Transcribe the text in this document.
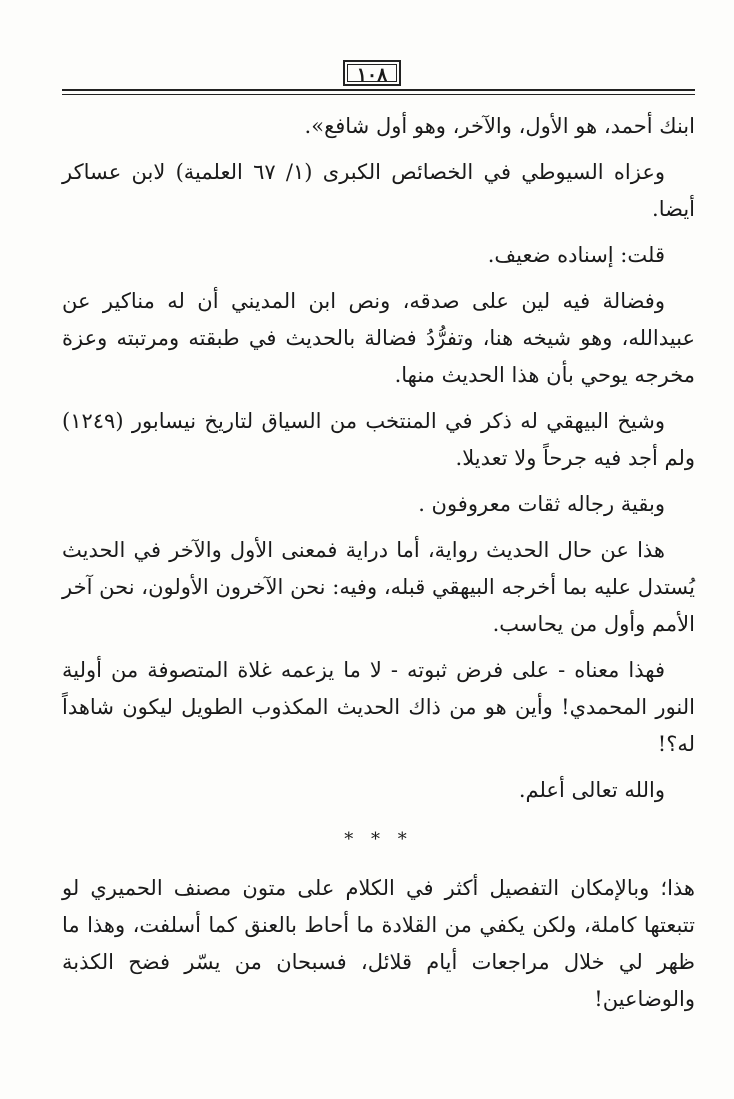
١٠٨

ابنك أحمد، هو الأول، والآخر، وهو أول شافع».

وعزاه السيوطي في الخصائص الكبرى (١/ ٦٧ العلمية) لابن عساكر أيضا.

قلت: إسناده ضعيف.

وفضالة فيه لين على صدقه، ونص ابن المديني أن له مناكير عن عبيدالله، وهو شيخه هنا، وتفرُّدُ فضالة بالحديث في طبقته ومرتبته وعزة مخرجه يوحي بأن هذا الحديث منها.

وشيخ البيهقي له ذكر في المنتخب من السياق لتاريخ نيسابور (١٢٤٩) ولم أجد فيه جرحاً ولا تعديلا.

وبقية رجاله ثقات معروفون .

هذا عن حال الحديث رواية، أما دراية فمعنى الأول والآخر في الحديث يُستدل عليه بما أخرجه البيهقي قبله، وفيه: نحن الآخرون الأولون، نحن آخر الأمم وأول من يحاسب.

فهذا معناه - على فرض ثبوته - لا ما يزعمه غلاة المتصوفة من أولية النور المحمدي! وأين هو من ذاك الحديث المكذوب الطويل ليكون شاهداً له؟!

والله تعالى أعلم.

* * *

هذا؛ وبالإمكان التفصيل أكثر في الكلام على متون مصنف الحميري لو تتبعتها كاملة، ولكن يكفي من القلادة ما أحاط بالعنق كما أسلفت، وهذا ما ظهر لي خلال مراجعات أيام قلائل، فسبحان من يسّر فضح الكذبة والوضاعين!
